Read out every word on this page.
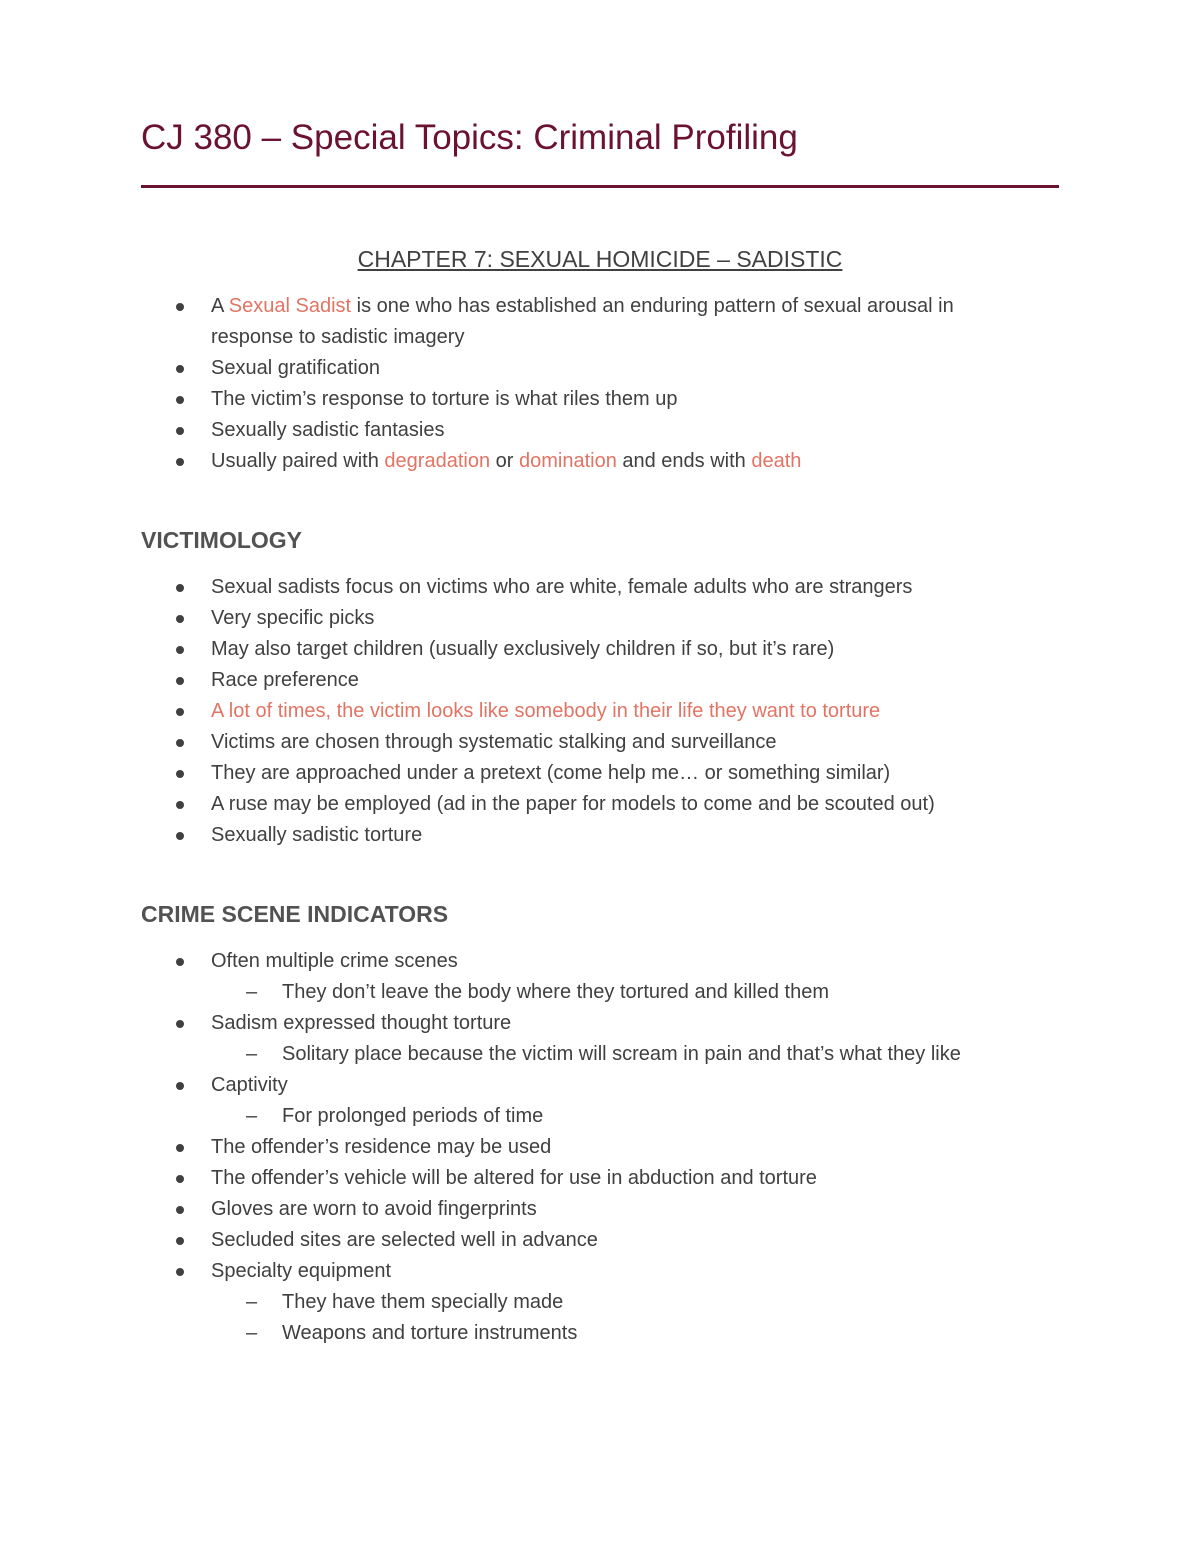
CJ 380 – Special Topics: Criminal Profiling
CHAPTER 7: SEXUAL HOMICIDE – SADISTIC
A Sexual Sadist is one who has established an enduring pattern of sexual arousal in response to sadistic imagery
Sexual gratification
The victim’s response to torture is what riles them up
Sexually sadistic fantasies
Usually paired with degradation or domination and ends with death
VICTIMOLOGY
Sexual sadists focus on victims who are white, female adults who are strangers
Very specific picks
May also target children (usually exclusively children if so, but it’s rare)
Race preference
A lot of times, the victim looks like somebody in their life they want to torture
Victims are chosen through systematic stalking and surveillance
They are approached under a pretext (come help me… or something similar)
A ruse may be employed (ad in the paper for models to come and be scouted out)
Sexually sadistic torture
CRIME SCENE INDICATORS
Often multiple crime scenes
– They don’t leave the body where they tortured and killed them
Sadism expressed thought torture
– Solitary place because the victim will scream in pain and that’s what they like
Captivity
– For prolonged periods of time
The offender’s residence may be used
The offender’s vehicle will be altered for use in abduction and torture
Gloves are worn to avoid fingerprints
Secluded sites are selected well in advance
Specialty equipment
– They have them specially made
– Weapons and torture instruments
